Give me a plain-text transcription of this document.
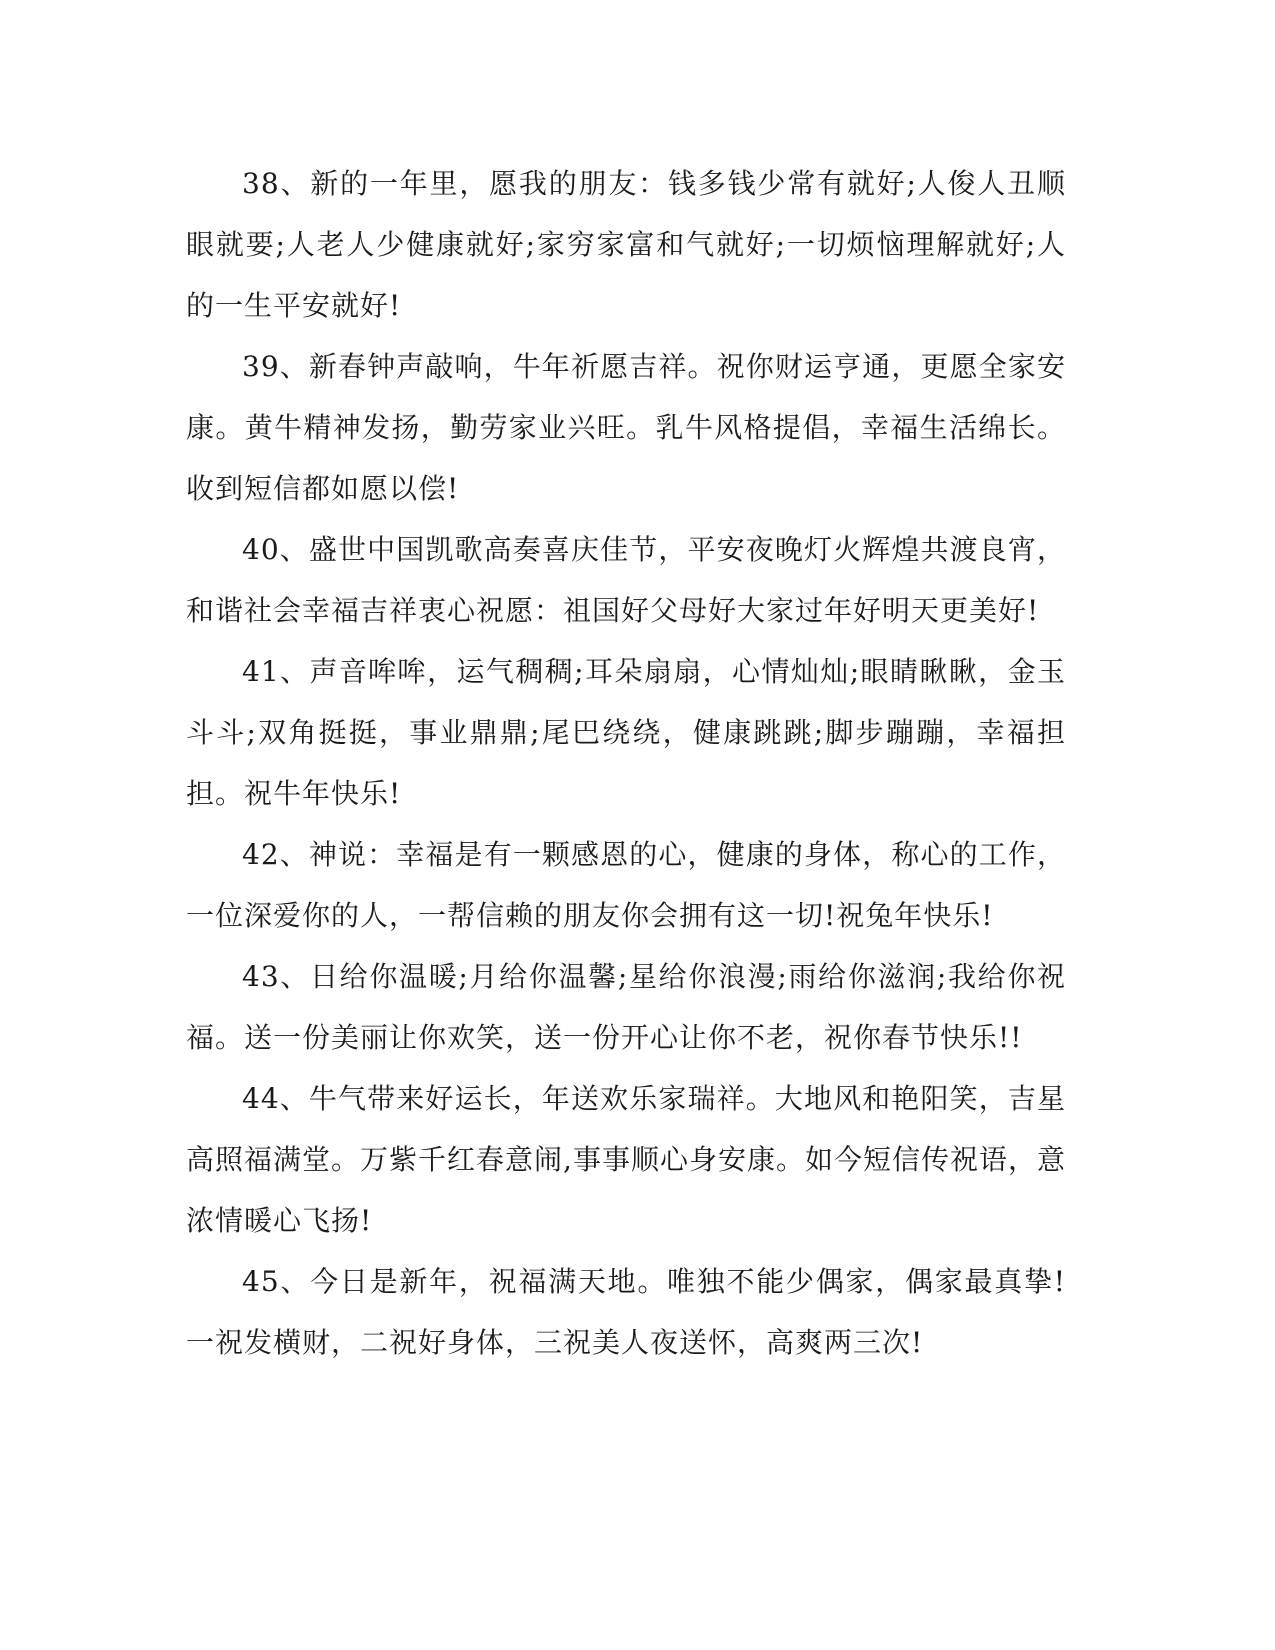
38、新的一年里，愿我的朋友：钱多钱少常有就好;人俊人丑顺眼就要;人老人少健康就好;家穷家富和气就好;一切烦恼理解就好;人的一生平安就好!

39、新春钟声敲响，牛年祈愿吉祥。祝你财运亨通，更愿全家安康。黄牛精神发扬，勤劳家业兴旺。乳牛风格提倡，幸福生活绵长。收到短信都如愿以偿!

40、盛世中国凯歌高奏喜庆佳节，平安夜晚灯火辉煌共渡良宵，和谐社会幸福吉祥衷心祝愿：祖国好父母好大家过年好明天更美好!

41、声音哞哞，运气稠稠;耳朵扇扇，心情灿灿;眼睛瞅瞅，金玉斗斗;双角挺挺，事业鼎鼎;尾巴绕绕，健康跳跳;脚步蹦蹦，幸福担担。祝牛年快乐!

42、神说：幸福是有一颗感恩的心，健康的身体，称心的工作，一位深爱你的人，一帮信赖的朋友你会拥有这一切!祝兔年快乐!

43、日给你温暖;月给你温馨;星给你浪漫;雨给你滋润;我给你祝福。送一份美丽让你欢笑，送一份开心让你不老，祝你春节快乐!!

44、牛气带来好运长，年送欢乐家瑞祥。大地风和艳阳笑，吉星高照福满堂。万紫千红春意闹,事事顺心身安康。如今短信传祝语，意浓情暖心飞扬!

45、今日是新年，祝福满天地。唯独不能少偶家，偶家最真挚!一祝发横财，二祝好身体，三祝美人夜送怀，高爽两三次!
